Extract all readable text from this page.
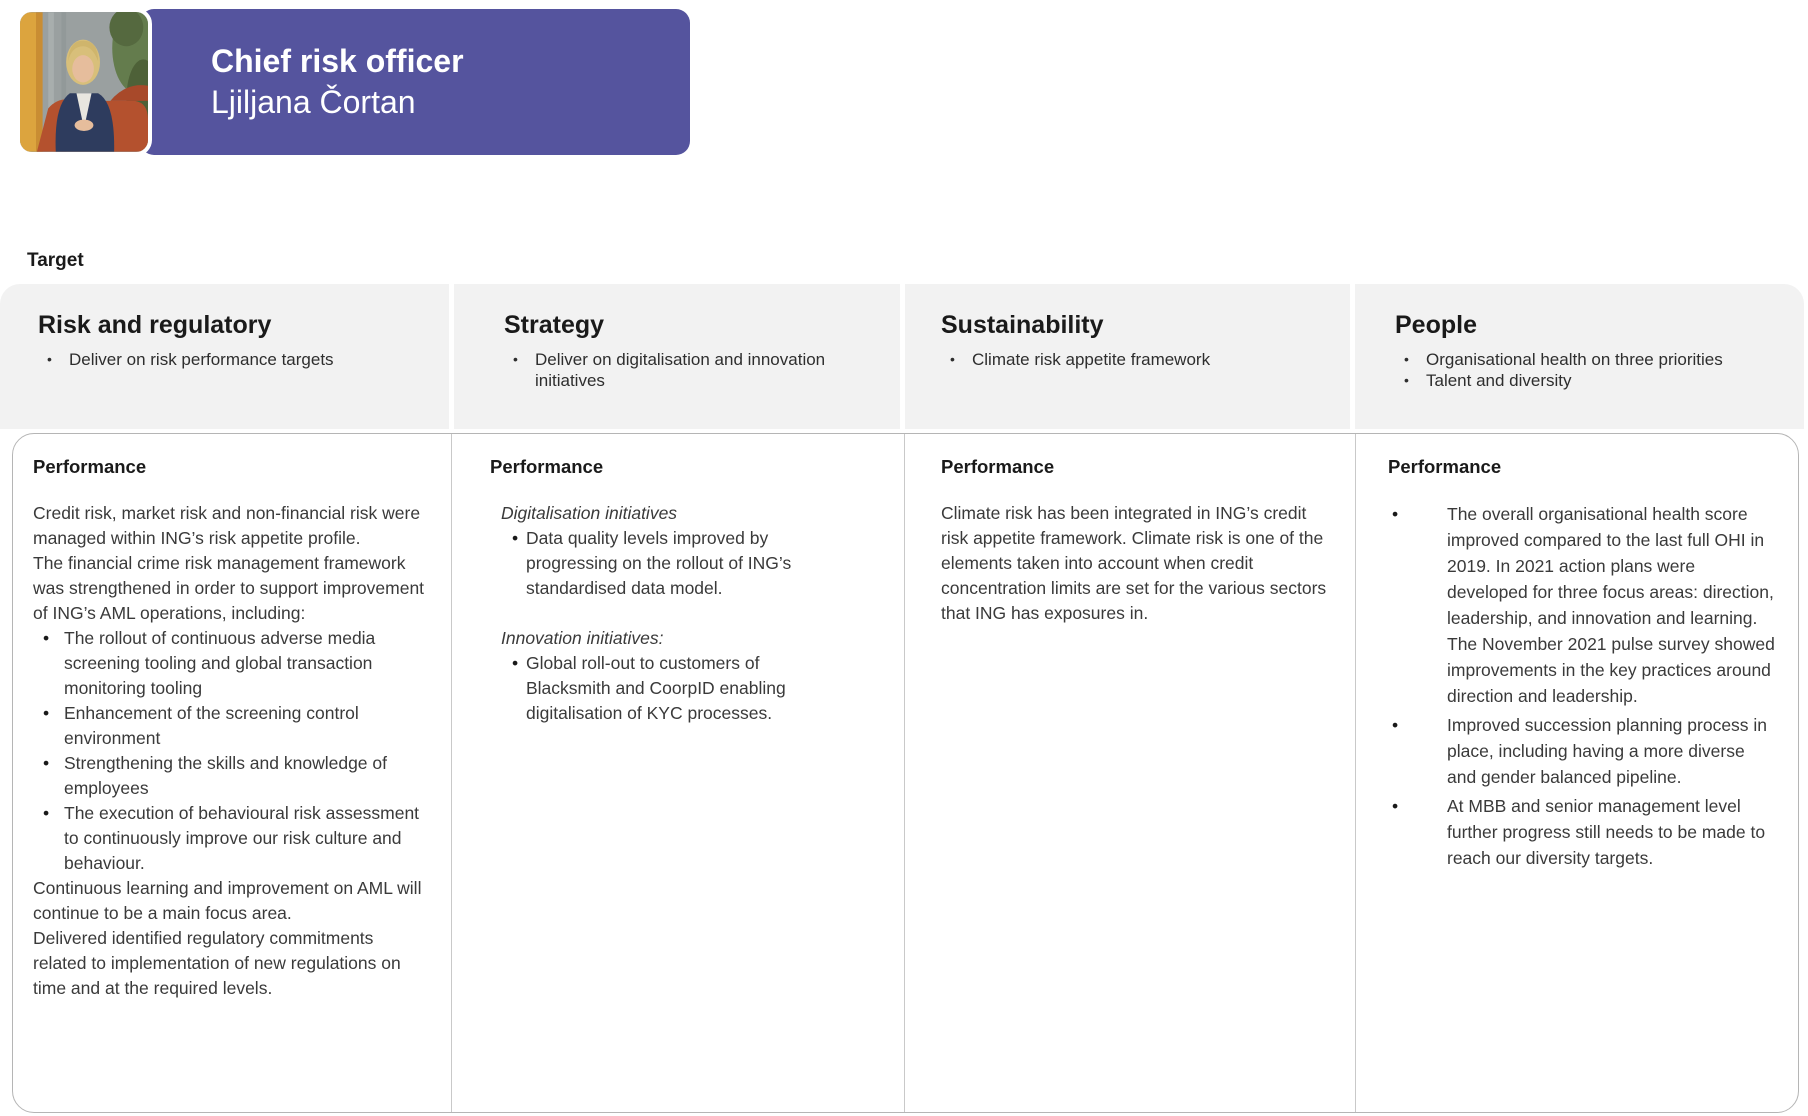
Chief risk officer
Ljiljana Čortan
Target
Risk and regulatory
• Deliver on risk performance targets
Strategy
• Deliver on digitalisation and innovation initiatives
Sustainability
• Climate risk appetite framework
People
• Organisational health on three priorities
• Talent and diversity
Performance

Credit risk, market risk and non-financial risk were managed within ING’s risk appetite profile.

The financial crime risk management framework was strengthened in order to support improvement of ING’s AML operations, including:

• The rollout of continuous adverse media screening tooling and global transaction monitoring tooling
• Enhancement of the screening control environment
• Strengthening the skills and knowledge of employees
• The execution of behavioural risk assessment to continuously improve our risk culture and behaviour.

Continuous learning and improvement on AML will continue to be a main focus area.

Delivered identified regulatory commitments related to implementation of new regulations on time and at the required levels.

Performance

Digitalisation initiatives

• Data quality levels improved by progressing on the rollout of ING’s standardised data model.

Innovation initiatives:

• Global roll-out to customers of Blacksmith and CoorpID enabling digitalisation of KYC processes.
Performance

Climate risk has been integrated in ING’s credit risk appetite framework. Climate risk is one of the elements taken into account when credit concentration limits are set for the various sectors that ING has exposures in.

Performance
• The overall organisational health score improved compared to the last full OHI in 2019. In 2021 action plans were developed for three focus areas: direction, leadership, and innovation and learning. The November 2021 pulse survey showed improvements in the key practices around direction and leadership.
• Improved succession planning process in place, including having a more diverse and gender balanced pipeline.
• At MBB and senior management level further progress still needs to be made to reach our diversity targets.
